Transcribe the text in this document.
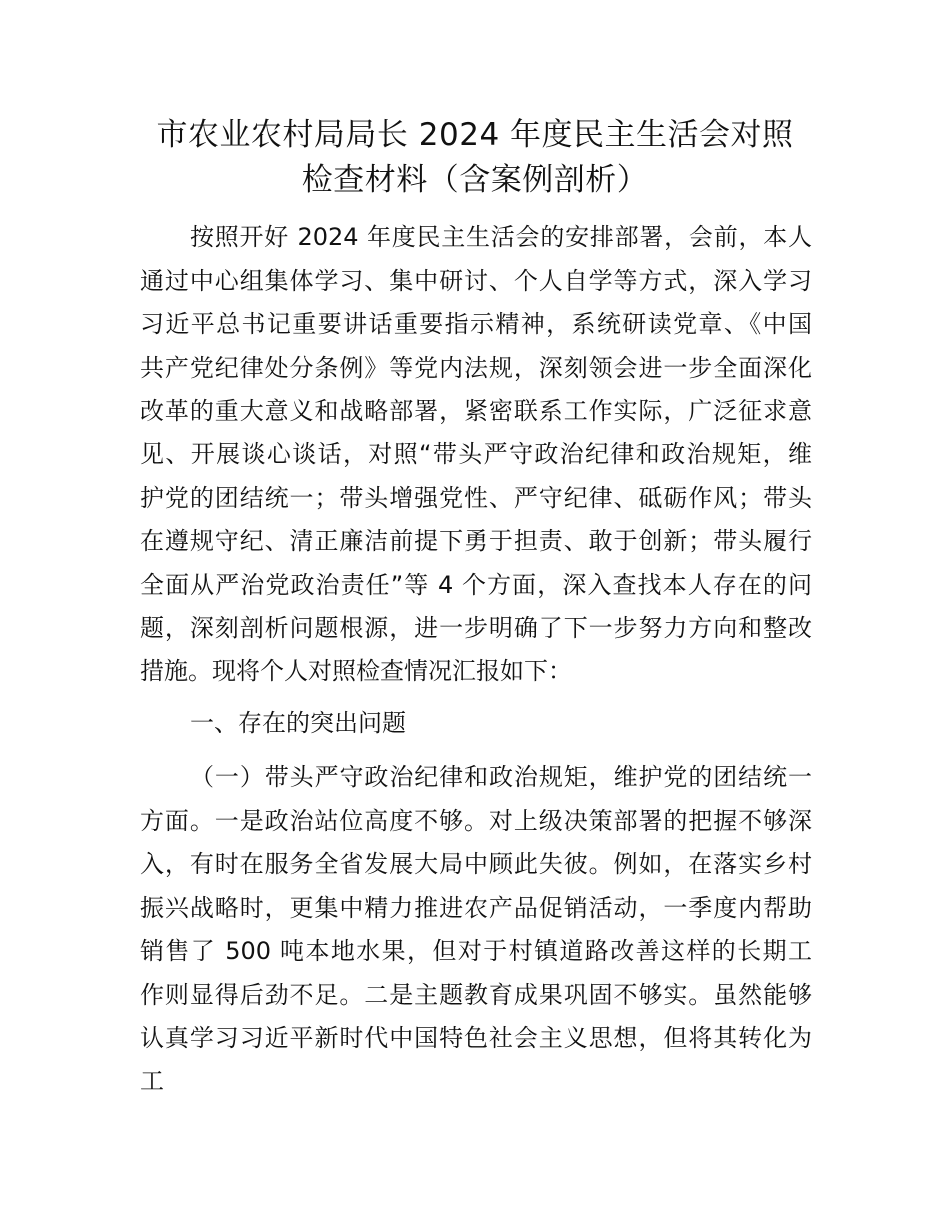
市农业农村局局长 2024 年度民主生活会对照
检查材料（含案例剖析）
按照开好 2024 年度民主生活会的安排部署，会前，本人
通过中心组集体学习、集中研讨、个人自学等方式，深入学习
习近平总书记重要讲话重要指示精神，系统研读党章、《中国
共产党纪律处分条例》等党内法规，深刻领会进一步全面深化
改革的重大意义和战略部署，紧密联系工作实际，广泛征求意
见、开展谈心谈话，对照“带头严守政治纪律和政治规矩，维
护党的团结统一；带头增强党性、严守纪律、砥砺作风；带头
在遵规守纪、清正廉洁前提下勇于担责、敢于创新；带头履行
全面从严治党政治责任”等 4 个方面，深入查找本人存在的问
题，深刻剖析问题根源，进一步明确了下一步努力方向和整改
措施。现将个人对照检查情况汇报如下：
一、存在的突出问题
（一）带头严守政治纪律和政治规矩，维护党的团结统一
方面。一是政治站位高度不够。对上级决策部署的把握不够深
入，有时在服务全省发展大局中顾此失彼。例如，在落实乡村
振兴战略时，更集中精力推进农产品促销活动，一季度内帮助
销售了 500 吨本地水果，但对于村镇道路改善这样的长期工
作则显得后劲不足。二是主题教育成果巩固不够实。虽然能够
认真学习习近平新时代中国特色社会主义思想，但将其转化为
工
